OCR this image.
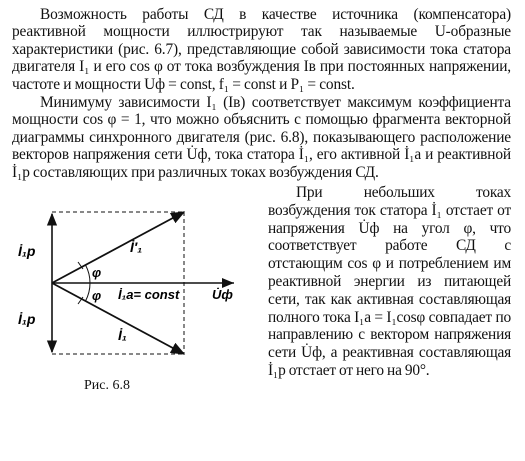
Возможность работы СД в качестве источника (компенсатора) реактивной мощности иллюстрируют так называемые U-образные характеристики (рис. 6.7), представляющие собой зависимости тока статора двигателя I₁ и его cos φ от тока возбуждения Iв при постоянных напряжении, частоте и мощности Uф = const, f₁ = const и P₁ = const.

Минимуму зависимости I₁ (Iв) соответствует максимум коэффициента мощности cos φ = 1, что можно объяснить с помощью фрагмента векторной диаграммы синхронного двигателя (рис. 6.8), показывающего расположение векторов напряжения сети U̇ф, тока статора İ₁, его активной İ₁а и реактивной İ₁р составляющих при различных токах возбуждения СД.

İ₁р
İ₁р
İ′₁
İ₁
φ
φ İ₁а= const	U̇ф
Рис. 6.8

При небольших токах возбуждения ток статора İ₁ отстает от напряжения U̇ф на угол φ, что соответствует работе СД с отстающим cos φ и потреблением им реактивной энергии из питающей сети, так как активная составляющая полного тока I₁а = I₁cosφ совпадает по направлению с вектором напряжения сети U̇ф, а реактивная составляющая İ₁р отстает от него на 90°.
